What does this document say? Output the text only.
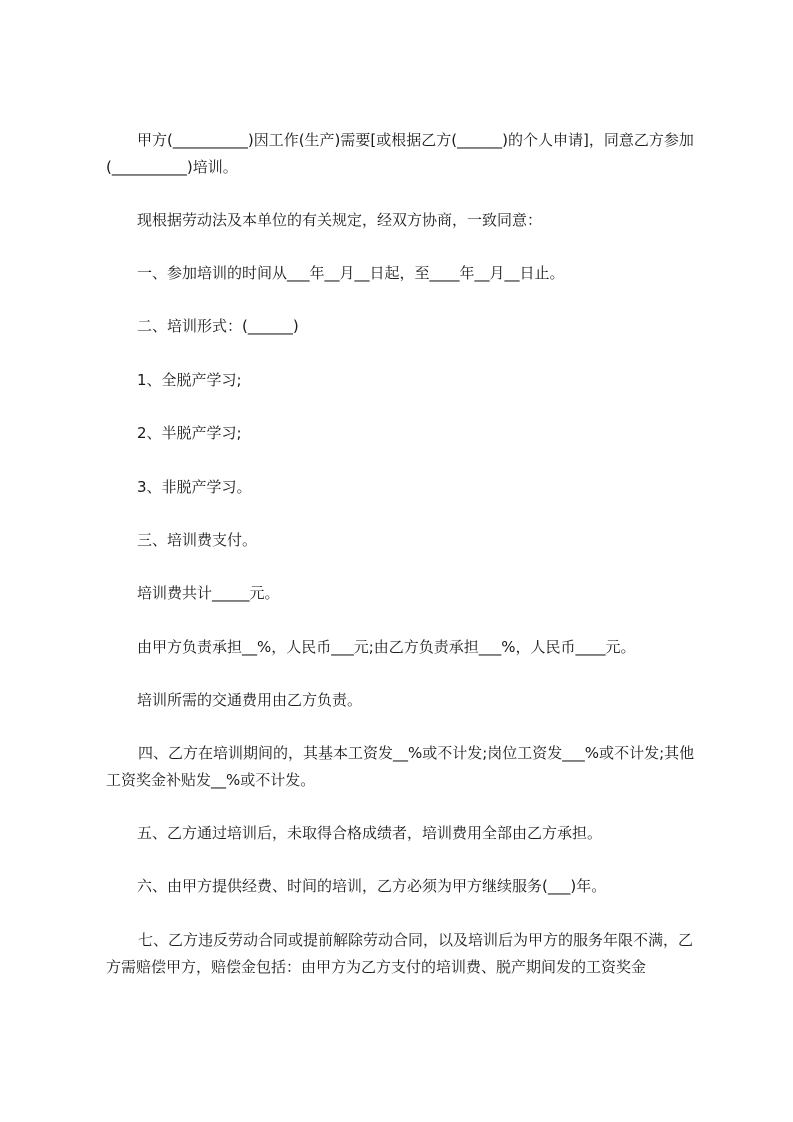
甲方(__________)因工作(生产)需要[或根据乙方(______)的个人申请]，同意乙方参加(__________)培训。

现根据劳动法及本单位的有关规定，经双方协商，一致同意：

一、参加培训的时间从___年__月__日起，至____年__月__日止。

二、培训形式：(______)

1、全脱产学习;

2、半脱产学习;

3、非脱产学习。

三、培训费支付。

培训费共计_____元。

由甲方负责承担__%，人民币___元;由乙方负责承担___%，人民币____元。

培训所需的交通费用由乙方负责。

四、乙方在培训期间的，其基本工资发__%或不计发;岗位工资发___%或不计发;其他工资奖金补贴发__%或不计发。

五、乙方通过培训后，未取得合格成绩者，培训费用全部由乙方承担。

六、由甲方提供经费、时间的培训，乙方必须为甲方继续服务(___)年。

七、乙方违反劳动合同或提前解除劳动合同，以及培训后为甲方的服务年限不满，乙方需赔偿甲方，赔偿金包括：由甲方为乙方支付的培训费、脱产期间发的工资奖金
